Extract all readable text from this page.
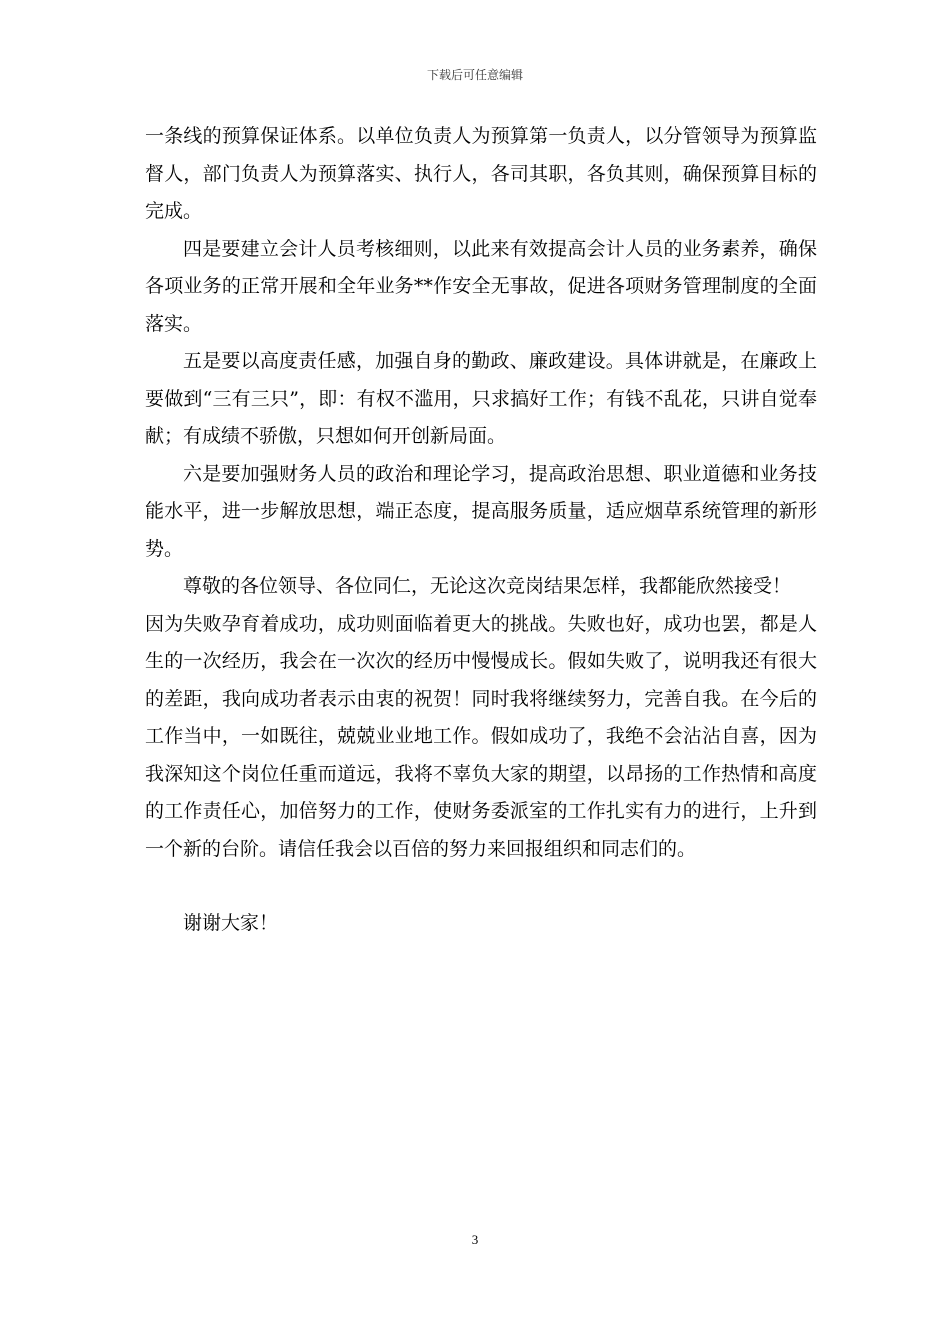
下载后可任意编辑

一条线的预算保证体系。以单位负责人为预算第一负责人，以分管领导为预算监督人，部门负责人为预算落实、执行人，各司其职，各负其则，确保预算目标的完成。

四是要建立会计人员考核细则，以此来有效提高会计人员的业务素养，确保各项业务的正常开展和全年业务**作安全无事故，促进各项财务管理制度的全面落实。

五是要以高度责任感，加强自身的勤政、廉政建设。具体讲就是，在廉政上要做到“三有三只”，即：有权不滥用，只求搞好工作；有钱不乱花，只讲自觉奉献；有成绩不骄傲，只想如何开创新局面。

六是要加强财务人员的政治和理论学习，提高政治思想、职业道德和业务技能水平，进一步解放思想，端正态度，提高服务质量，适应烟草系统管理的新形势。

尊敬的各位领导、各位同仁，无论这次竞岗结果怎样，我都能欣然接受！

因为失败孕育着成功，成功则面临着更大的挑战。失败也好，成功也罢，都是人生的一次经历，我会在一次次的经历中慢慢成长。假如失败了，说明我还有很大的差距，我向成功者表示由衷的祝贺！同时我将继续努力，完善自我。在今后的工作当中，一如既往，兢兢业业地工作。假如成功了，我绝不会沾沾自喜，因为我深知这个岗位任重而道远，我将不辜负大家的期望，以昂扬的工作热情和高度的工作责任心，加倍努力的工作，使财务委派室的工作扎实有力的进行，上升到一个新的台阶。请信任我会以百倍的努力来回报组织和同志们的。

谢谢大家！
3
